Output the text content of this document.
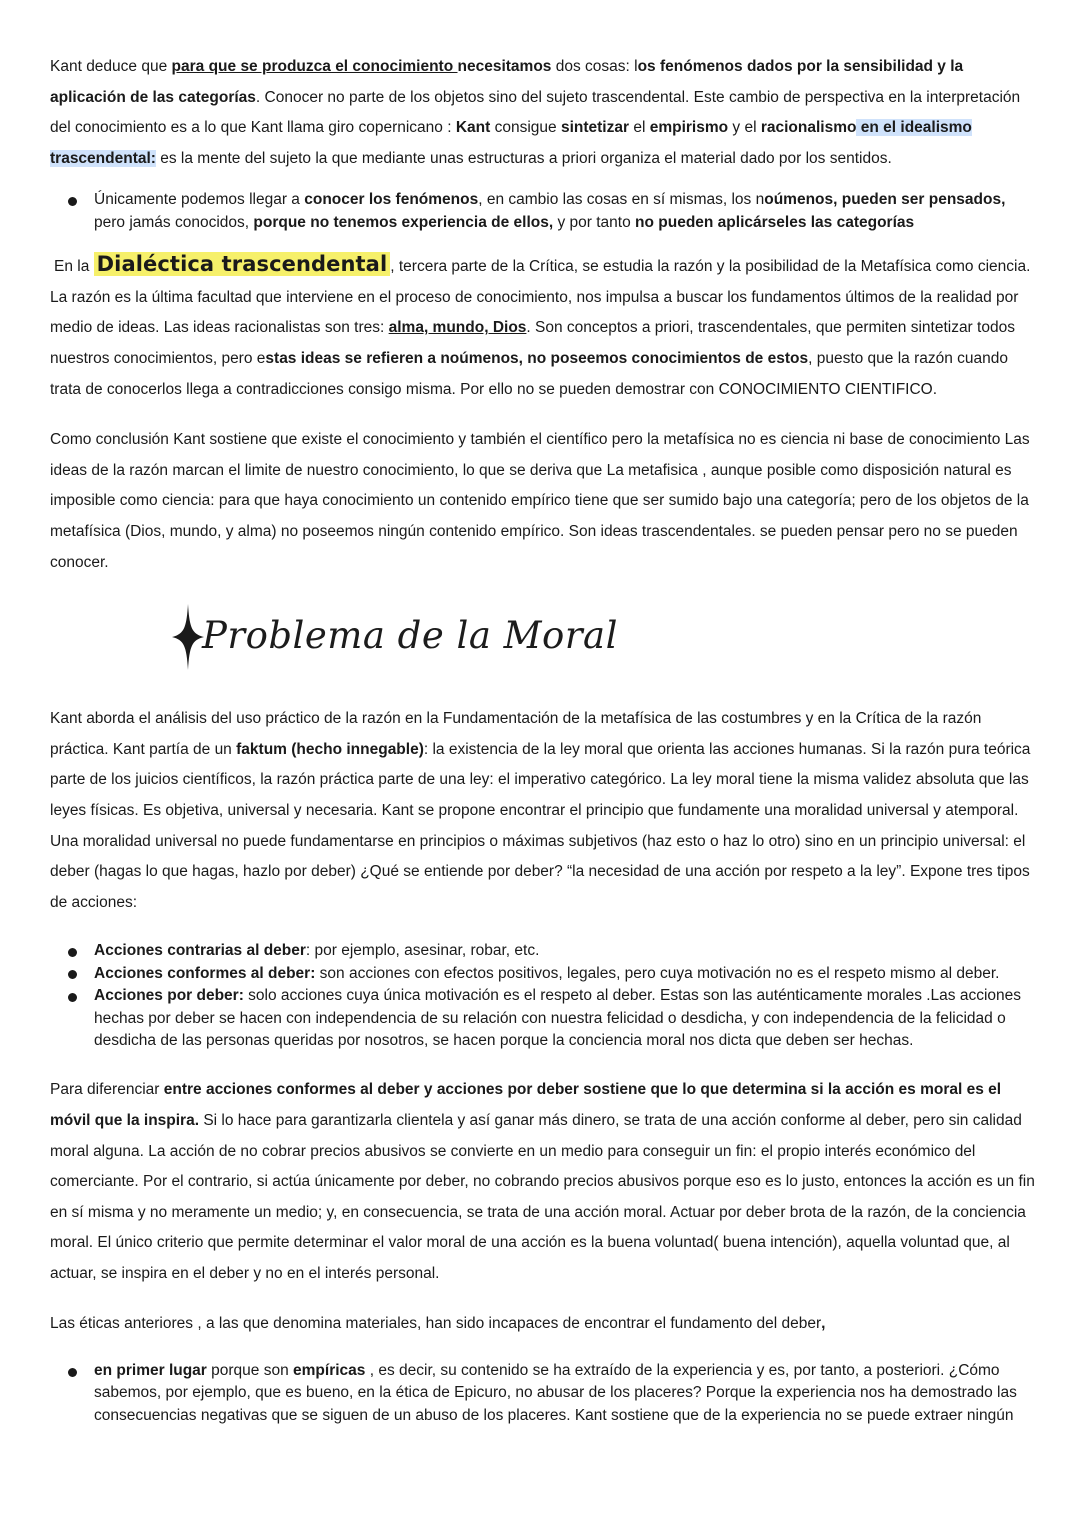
Kant deduce que para que se produzca el conocimiento necesitamos dos cosas: los fenómenos dados por la sensibilidad y la aplicación de las categorías. Conocer no parte de los objetos sino del sujeto trascendental. Este cambio de perspectiva en la interpretación del conocimiento es a lo que Kant llama giro copernicano : Kant consigue sintetizar el empirismo y el racionalismo en el idealismo trascendental: es la mente del sujeto la que mediante unas estructuras a priori organiza el material dado por los sentidos.

Únicamente podemos llegar a conocer los fenómenos, en cambio las cosas en sí mismas, los noúmenos, pueden ser pensados, pero jamás conocidos, porque no tenemos experiencia de ellos, y por tanto no pueden aplicárseles las categorías

En la Dialéctica trascendental , tercera parte de la Crítica, se estudia la razón y la posibilidad de la Metafísica como ciencia. La razón es la última facultad que interviene en el proceso de conocimiento, nos impulsa a buscar los fundamentos últimos de la realidad por medio de ideas. Las ideas racionalistas son tres: alma, mundo, Dios. Son conceptos a priori, trascendentales, que permiten sintetizar todos nuestros conocimientos, pero estas ideas se refieren a noúmenos, no poseemos conocimientos de estos, puesto que la razón cuando trata de conocerlos llega a contradicciones consigo misma. Por ello no se pueden demostrar con CONOCIMIENTO CIENTIFICO.

Como conclusión Kant sostiene que existe el conocimiento y también el científico pero la metafísica no es ciencia ni base de conocimiento Las ideas de la razón marcan el limite de nuestro conocimiento, lo que se deriva que La metafisica , aunque posible como disposición natural es imposible como ciencia: para que haya conocimiento un contenido empírico tiene que ser sumido bajo una categoría; pero de los objetos de la metafísica (Dios, mundo, y alma) no poseemos ningún contenido empírico. Son ideas trascendentales. se pueden pensar pero no se pueden conocer.

Problema de la Moral

Kant aborda el análisis del uso práctico de la razón en la Fundamentación de la metafísica de las costumbres y en la Crítica de la razón práctica. Kant partía de un faktum (hecho innegable): la existencia de la ley moral que orienta las acciones humanas. Si la razón pura teórica parte de los juicios científicos, la razón práctica parte de una ley: el imperativo categórico. La ley moral tiene la misma validez absoluta que las leyes físicas. Es objetiva, universal y necesaria. Kant se propone encontrar el principio que fundamente una moralidad universal y atemporal. Una moralidad universal no puede fundamentarse en principios o máximas subjetivos (haz esto o haz lo otro) sino en un principio universal: el deber (hagas lo que hagas, hazlo por deber) ¿Qué se entiende por deber? “la necesidad de una acción por respeto a la ley”. Expone tres tipos de acciones:

Acciones contrarias al deber: por ejemplo, asesinar, robar, etc.
Acciones conformes al deber: son acciones con efectos positivos, legales, pero cuya motivación no es el respeto mismo al deber.
Acciones por deber: solo acciones cuya única motivación es el respeto al deber. Estas son las auténticamente morales .Las acciones hechas por deber se hacen con independencia de su relación con nuestra felicidad o desdicha, y con independencia de la felicidad o desdicha de las personas queridas por nosotros, se hacen porque la conciencia moral nos dicta que deben ser hechas.

Para diferenciar entre acciones conformes al deber y acciones por deber sostiene que lo que determina si la acción es moral es el móvil que la inspira. Si lo hace para garantizarla clientela y así ganar más dinero, se trata de una acción conforme al deber, pero sin calidad moral alguna. La acción de no cobrar precios abusivos se convierte en un medio para conseguir un fin: el propio interés económico del comerciante. Por el contrario, si actúa únicamente por deber, no cobrando precios abusivos porque eso es lo justo, entonces la acción es un fin en sí misma y no meramente un medio; y, en consecuencia, se trata de una acción moral. Actuar por deber brota de la razón, de la conciencia moral. El único criterio que permite determinar el valor moral de una acción es la buena voluntad( buena intención), aquella voluntad que, al actuar, se inspira en el deber y no en el interés personal.

Las éticas anteriores , a las que denomina materiales, han sido incapaces de encontrar el fundamento del deber,

en primer lugar porque son empíricas , es decir, su contenido se ha extraído de la experiencia y es, por tanto, a posteriori. ¿Cómo sabemos, por ejemplo, que es bueno, en la ética de Epicuro, no abusar de los placeres? Porque la experiencia nos ha demostrado las consecuencias negativas que se siguen de un abuso de los placeres. Kant sostiene que de la experiencia no se puede extraer ningún
